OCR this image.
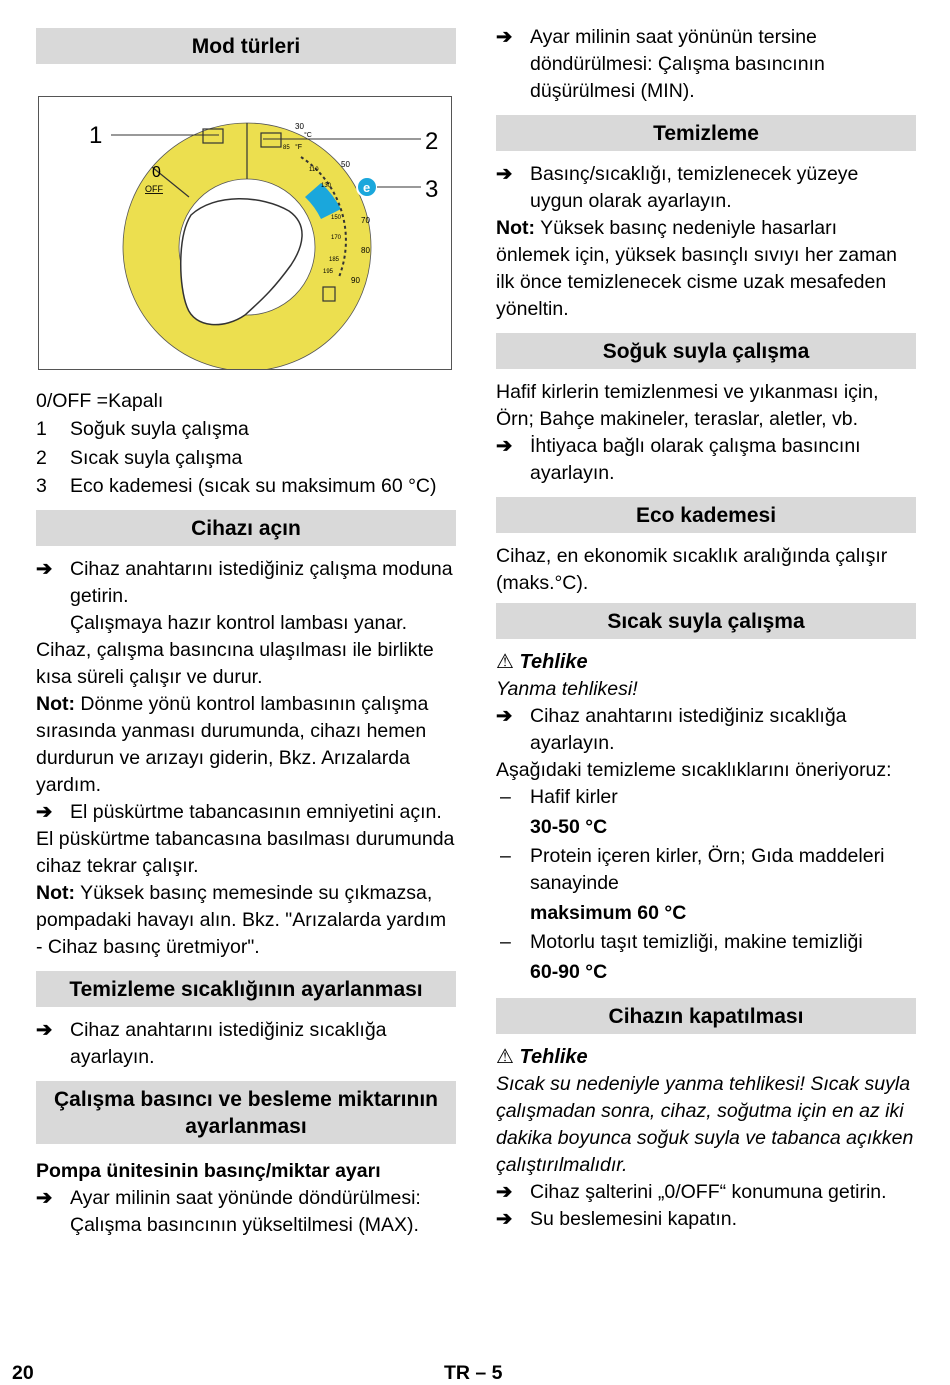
Mod türleri
0
OFF
30
°C
°F
85
50
110
130
150 70
170
80
185
195
90
e
1	2
3
0/OFF =Kapalı
1 Soğuk suyla çalışma
2 Sıcak suyla çalışma
3 Eco kademesi (sıcak su maksimum 60 °C)
Cihazı açın
➔ Cihaz anahtarını istediğiniz çalışma moduna getirin.
Çalışmaya hazır kontrol lambası yanar.

Cihaz, çalışma basıncına ulaşılması ile birlikte kısa süreli çalışır ve durur.

Not: Dönme yönü kontrol lambasının çalışma sırasında yanması durumunda, cihazı hemen durdurun ve arızayı giderin, Bkz. Arızalarda yardım.

➔ El püskürtme tabancasının emniyetini açın.

El püskürtme tabancasına basılması durumunda cihaz tekrar çalışır.

Not: Yüksek basınç memesinde su çıkmazsa, pompadaki havayı alın. Bkz. "Arızalarda yardım - Cihaz basınç üretmiyor".

Temizleme sıcaklığının ayarlanması
➔ Cihaz anahtarını istediğiniz sıcaklığa ayarlayın.
Çalışma basıncı ve besleme miktarının ayarlanması

Pompa ünitesinin basınç/miktar ayarı

➔ Ayar milinin saat yönünde döndürülmesi: Çalışma basıncının yükseltilmesi (MAX).
➔ Ayar milinin saat yönünün tersine döndürülmesi: Çalışma basıncının düşürülmesi (MIN).
Temizleme
➔ Basınç/sıcaklığı, temizlenecek yüzeye uygun olarak ayarlayın.

Not: Yüksek basınç nedeniyle hasarları önlemek için, yüksek basınçlı sıvıyı her zaman ilk önce temizlenecek cisme uzak mesafeden yöneltin.

Soğuk suyla çalışma

Hafif kirlerin temizlenmesi ve yıkanması için, Örn; Bahçe makineler, teraslar, aletler, vb.

➔ İhtiyaca bağlı olarak çalışma basıncını ayarlayın.
Eco kademesi

Cihaz, en ekonomik sıcaklık aralığında çalışır (maks.°C).

Sıcak suyla çalışma
⚠ Tehlike

Yanma tehlikesi!

➔ Cihaz anahtarını istediğiniz sıcaklığa ayarlayın.

Aşağıdaki temizleme sıcaklıklarını öneriyoruz:

– Hafif kirler
30-50 °C
– Protein içeren kirler, Örn; Gıda maddeleri sanayinde
maksimum 60 °C
– Motorlu taşıt temizliği, makine temizliği
60-90 °C
Cihazın kapatılması
⚠ Tehlike

Sıcak su nedeniyle yanma tehlikesi! Sıcak suyla çalışmadan sonra, cihaz, soğutma için en az iki dakika boyunca soğuk suyla ve tabanca açıkken çalıştırılmalıdır.

➔ Cihaz şalterini „0/OFF“ konumuna getirin.
➔ Su beslemesini kapatın.
20	TR – 5
